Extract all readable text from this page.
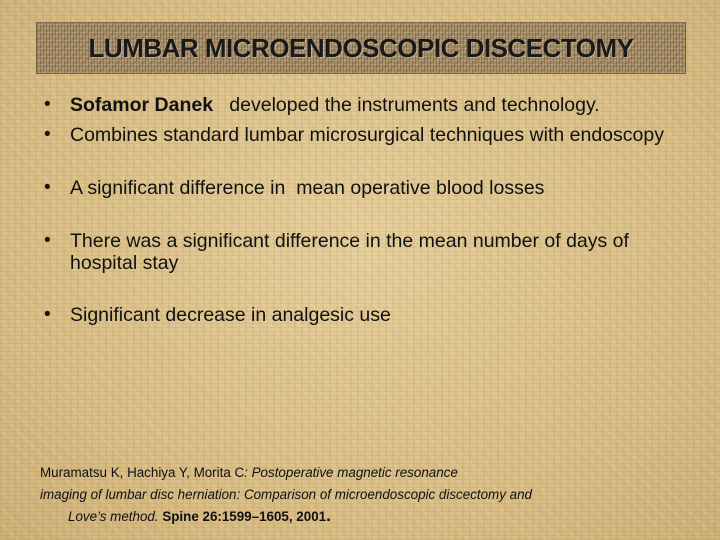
LUMBAR MICROENDOSCOPIC DISCECTOMY
• Sofamor Danek   developed the instruments and technology.
• Combines standard lumbar microsurgical techniques with endoscopy
• A significant difference in  mean operative blood losses
• There was a significant difference in the mean number of days of hospital stay
• Significant decrease in analgesic use
Muramatsu K, Hachiya Y, Morita C: Postoperative magnetic resonance
imaging of lumbar disc herniation: Comparison of microendoscopic discectomy and
Love’s method. Spine 26:1599–1605, 2001.
